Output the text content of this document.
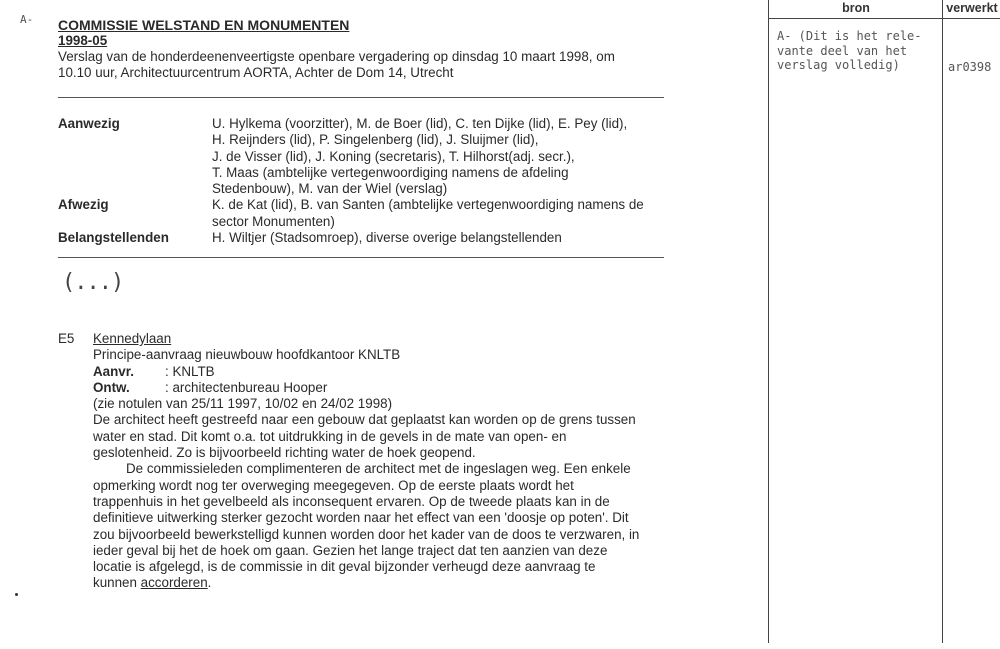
A- COMMISSIE WELSTAND EN MONUMENTEN
1998-05
Verslag van de honderdeenenveertigste openbare vergadering op dinsdag 10 maart 1998, om
10.10 uur, Architectuurcentrum AORTA, Achter de Dom 14, Utrecht
Aanwezig	U. Hylkema (voorzitter), M. de Boer (lid), C. ten Dijke (lid), E. Pey (lid),
H. Reijnders (lid), P. Singelenberg (lid), J. Sluijmer (lid),
J. de Visser (lid), J. Koning (secretaris), T. Hilhorst(adj. secr.),
T. Maas (ambtelijke vertegenwoordiging namens de afdeling
Stedenbouw), M. van der Wiel (verslag)
Afwezig	K. de Kat (lid), B. van Santen (ambtelijke vertegenwoordiging namens de
sector Monumenten)
Belangstellenden	H. Wiltjer (Stadsomroep), diverse overige belangstellenden
(...)
E5 Kennedylaan
Principe-aanvraag nieuwbouw hoofdkantoor KNLTB
Aanvr.	: KNLTB
Ontw.	: architectenbureau Hooper
(zie notulen van 25/11 1997, 10/02 en 24/02 1998)
De architect heeft gestreefd naar een gebouw dat geplaatst kan worden op de grens tussen
water en stad. Dit komt o.a. tot uitdrukking in de gevels in de mate van open- en
geslotenheid. Zo is bijvoorbeeld richting water de hoek geopend.
De commissieleden complimenteren de architect met de ingeslagen weg. Een enkele
opmerking wordt nog ter overweging meegegeven. Op de eerste plaats wordt het
trappenhuis in het gevelbeeld als inconsequent ervaren. Op de tweede plaats kan in de
definitieve uitwerking sterker gezocht worden naar het effect van een 'doosje op poten'. Dit
zou bijvoorbeeld bewerkstelligd kunnen worden door het kader van de doos te verzwaren, in
ieder geval bij het de hoek om gaan. Gezien het lange traject dat ten aanzien van deze
locatie is afgelegd, is de commissie in dit geval bijzonder verheugd deze aanvraag te
kunnen accorderen.
bron	verwerkt
A- (Dit is het rele-
vante deel van het
verslag volledig)	ar0398
